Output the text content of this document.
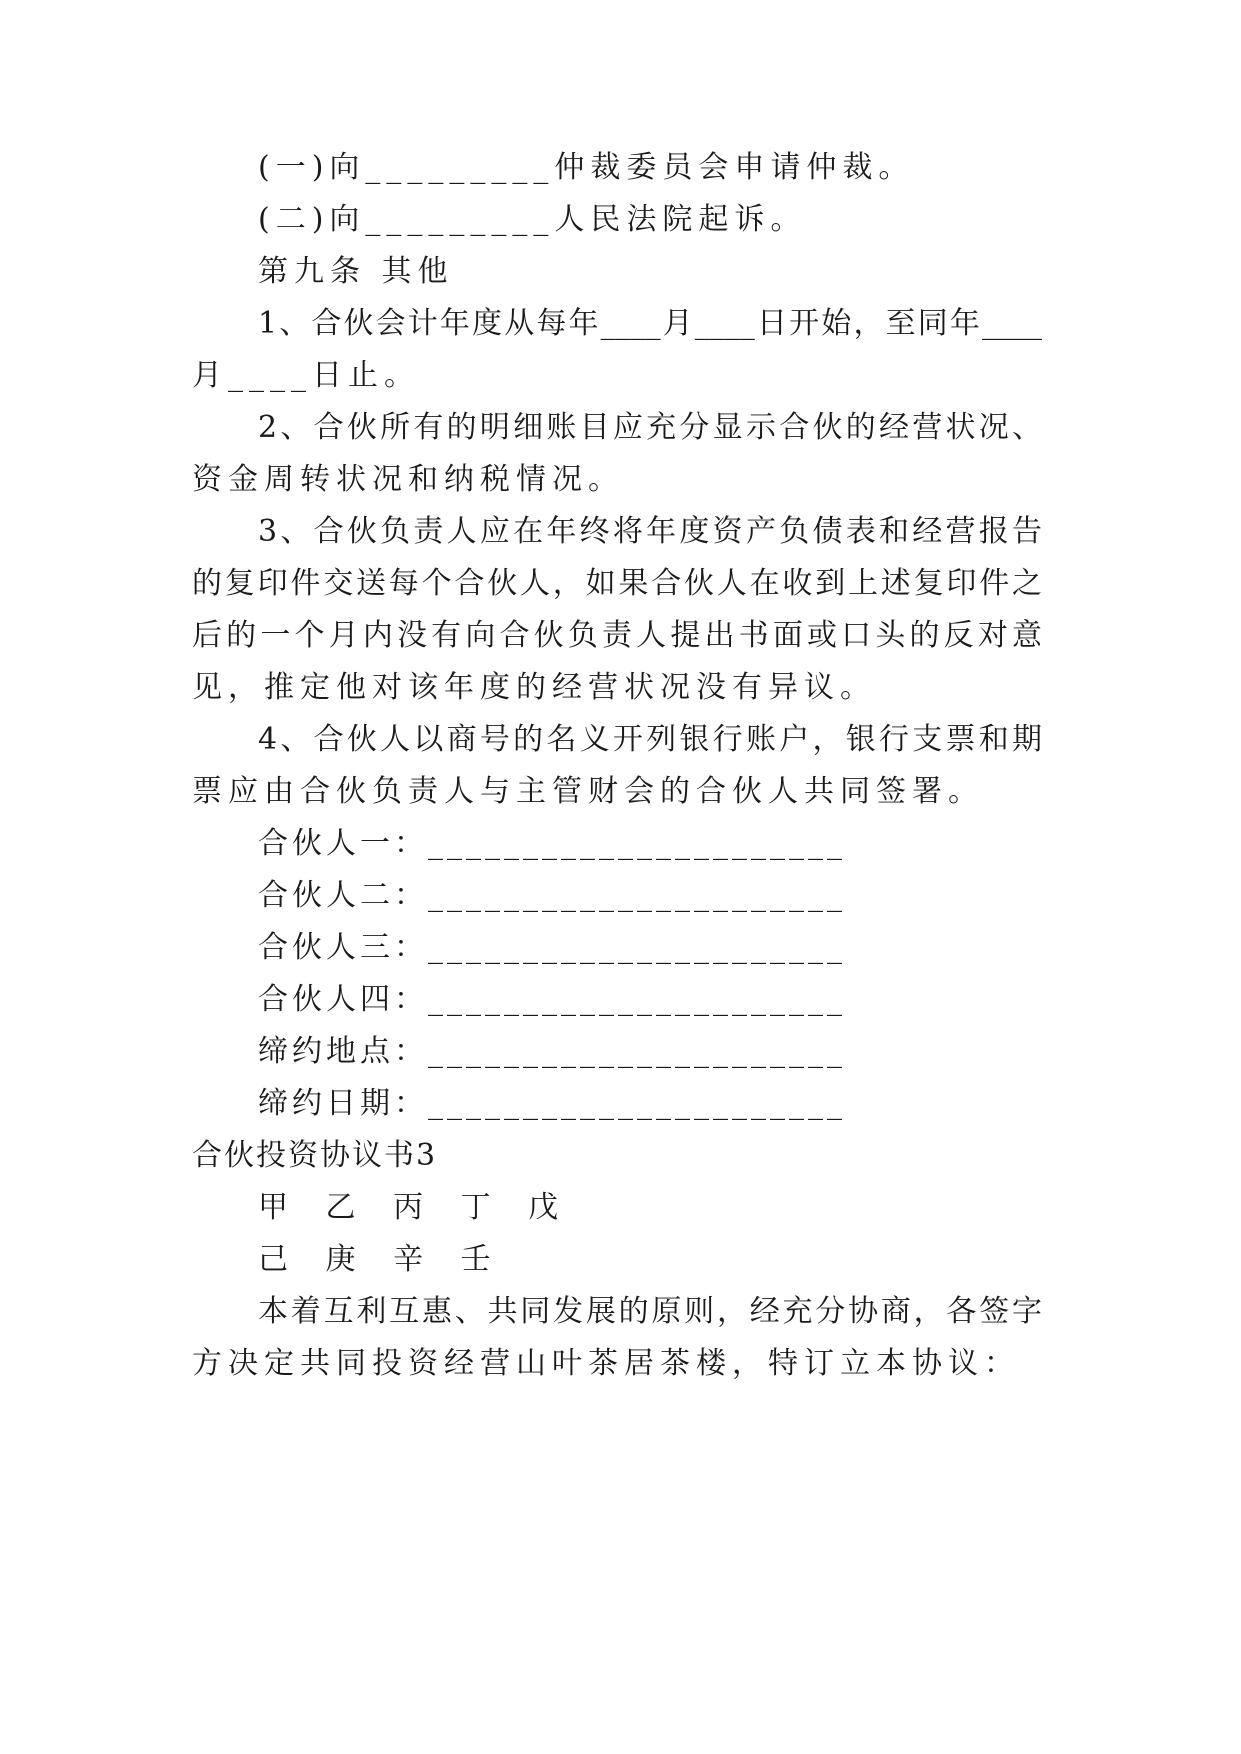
(一)向_________仲裁委员会申请仲裁。
(二)向_________人民法院起诉。
第九条 其他
1、合伙会计年度从每年____月____日开始，至同年____
月____日止。
2、合伙所有的明细账目应充分显示合伙的经营状况、
资金周转状况和纳税情况。
3、合伙负责人应在年终将年度资产负债表和经营报告
的复印件交送每个合伙人，如果合伙人在收到上述复印件之
后的一个月内没有向合伙负责人提出书面或口头的反对意
见，推定他对该年度的经营状况没有异议。
4、合伙人以商号的名义开列银行账户，银行支票和期
票应由合伙负责人与主管财会的合伙人共同签署。
合伙人一：______________________
合伙人二：______________________
合伙人三：______________________
合伙人四：______________________
缔约地点：______________________
缔约日期：______________________
合伙投资协议书3
甲 乙 丙 丁 戊
己 庚 辛 壬
本着互利互惠、共同发展的原则，经充分协商，各签字
方决定共同投资经营山叶茶居茶楼，特订立本协议：
